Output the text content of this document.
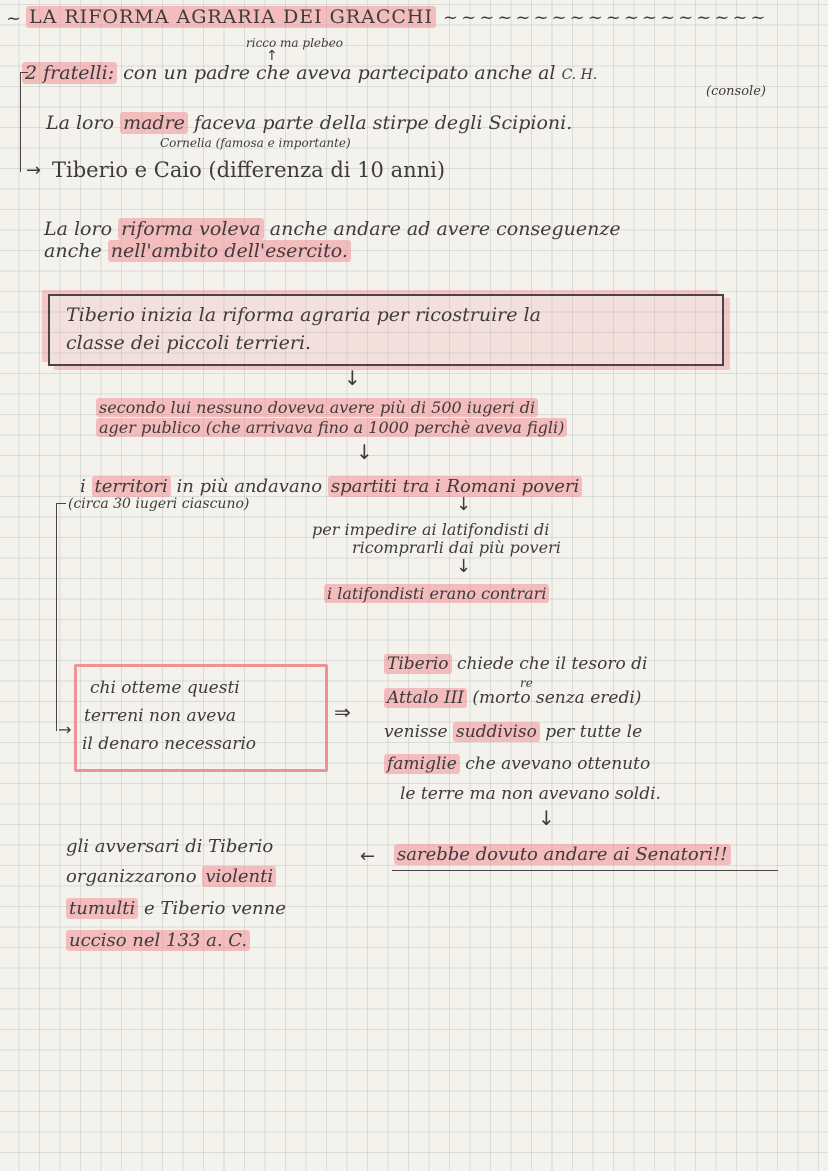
~ LA RIFORMA AGRARIA DEI GRACCHI ~~~~~~~~~~~~~~~~~~
ricco ma plebeo
↑
2 fratelli: con un padre che aveva partecipato anche al C. H.
(console)
La loro madre faceva parte della stirpe degli Scipioni.
Cornelia (famosa e importante)
→ Tiberio e Caio (differenza di 10 anni)
La loro riforma voleva anche andare ad avere conseguenze
anche nell'ambito dell'esercito.
Tiberio inizia la riforma agraria per ricostruire la
classe dei piccoli terrieri.
↓
secondo lui nessuno doveva avere più di 500 iugeri di
ager publico (che arrivava fino a 1000 perchè aveva figli)
↓
i territori in più andavano spartiti tra i Romani poveri
(circa 30 iugeri ciascuno)
→
↓
per impedire ai latifondisti di
ricomprarli dai più poveri
↓
i latifondisti erano contrari
chi otteme questi
terreni non aveva
il denaro necessario
⇒
Tiberio chiede che il tesoro di
re
Attalo III (morto senza eredi)
venisse suddiviso per tutte le
famiglie che avevano ottenuto
le terre ma non avevano soldi.
↓
sarebbe dovuto andare ai Senatori!!
←
gli avversari di Tiberio
organizzarono violenti
tumulti e Tiberio venne
ucciso nel 133 a. C.
